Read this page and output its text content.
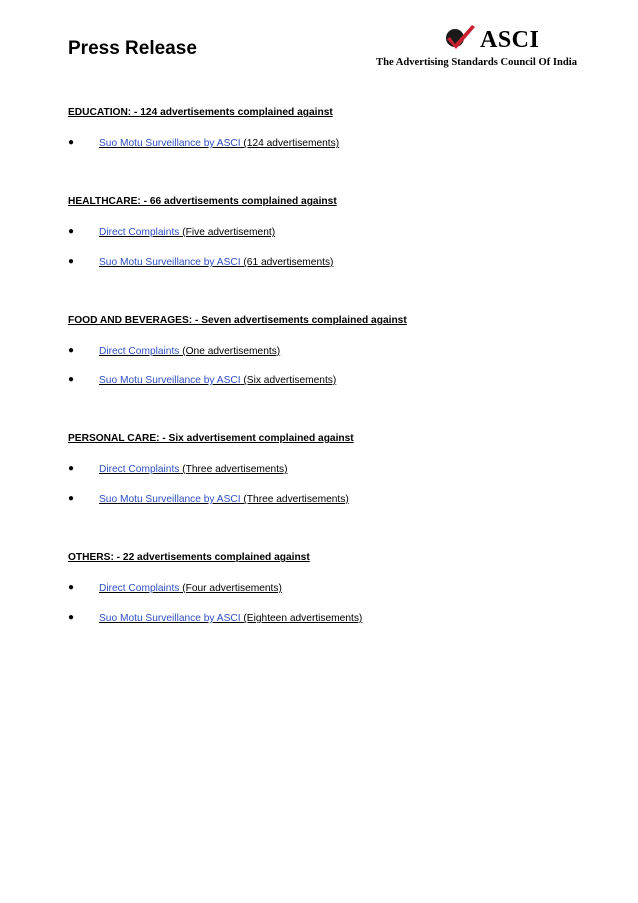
Press Release	ASCI
The Advertising Standards Council Of India
EDUCATION: - 124 advertisements complained against
● Suo Motu Surveillance by ASCI (124 advertisements)
HEALTHCARE: - 66 advertisements complained against
● Direct Complaints (Five advertisement)
● Suo Motu Surveillance by ASCI (61 advertisements)
FOOD AND BEVERAGES: - Seven advertisements complained against
● Direct Complaints (One advertisements)
● Suo Motu Surveillance by ASCI (Six advertisements)
PERSONAL CARE: - Six advertisement complained against
● Direct Complaints (Three advertisements)
● Suo Motu Surveillance by ASCI (Three advertisements)
OTHERS: - 22 advertisements complained against
● Direct Complaints (Four advertisements)
● Suo Motu Surveillance by ASCI (Eighteen advertisements)
